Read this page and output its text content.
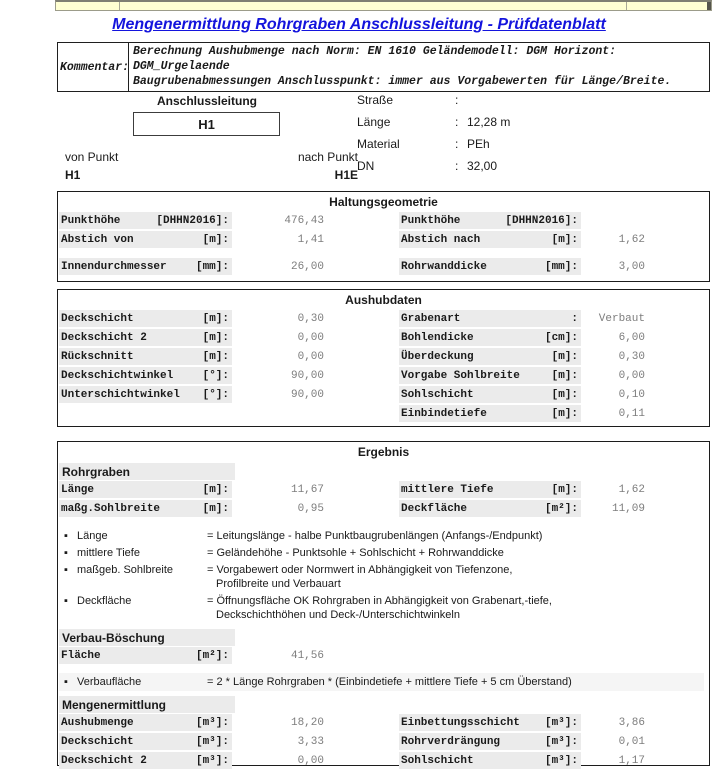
Mengenermittlung Rohrgraben Anschlussleitung - Prüfdatenblatt
Kommentar:
Berechnung Aushubmenge nach Norm: EN 1610 Geländemodell: DGM Horizont:
DGM_Urgelaende
Baugrubenabmessungen Anschlusspunkt: immer aus Vorgabewerten für Länge/Breite.
Anschlussleitung
H1
von Punkt	nach Punkt
H1	H1E
Straße	:
Länge	: 12,28 m
Material	: PEh
DN	: 32,00
Haltungsgeometrie
Punkthöhe	[DHHN2016]:	476,43	Punkthöhe	[DHHN2016]:
Abstich von	[m]:	1,41	Abstich nach	[m]:	1,62
Innendurchmesser	[mm]:	26,00	Rohrwanddicke	[mm]:	3,00
Aushubdaten
Deckschicht	[m]:	0,30	Grabenart	:	Verbaut
Deckschicht 2	[m]:	0,00	Bohlendicke	[cm]:	6,00
Rückschnitt	[m]:	0,00	Überdeckung	[m]:	0,30
Deckschichtwinkel	[°]:	90,00	Vorgabe Sohlbreite	[m]:	0,00
Unterschichtwinkel [°]:	90,00	Sohlschicht	[m]:	0,10
Einbindetiefe	[m]:	0,11
Ergebnis
Rohrgraben
Länge	[m]:	11,67	mittlere Tiefe	[m]:	1,62
maßg.Sohlbreite	[m]:	0,95	Deckfläche	[m²]:	11,09
▪ Länge	= Leitungslänge - halbe Punktbaugrubenlängen (Anfangs-/Endpunkt)
▪ mittlere Tiefe	= Geländehöhe - Punktsohle + Sohlschicht + Rohrwanddicke
▪ maßgeb. Sohlbreite	= Vorgabewert oder Normwert in Abhängigkeit von Tiefenzone,
Profilbreite und Verbauart
▪ Deckfläche	= Öffnungsfläche OK Rohrgraben in Abhängigkeit von Grabenart,-tiefe,
Deckschichthöhen und Deck-/Unterschichtwinkeln
Verbau-Böschung
Fläche	[m²]:	41,56
▪ Verbaufläche	= 2 * Länge Rohrgraben * (Einbindetiefe + mittlere Tiefe + 5 cm Überstand)
Mengenermittlung
Aushubmenge	[m³]:	18,20	Einbettungsschicht [m³]:	3,86
Deckschicht	[m³]:	3,33	Rohrverdrängung	[m³]:	0,01
Deckschicht 2	[m³]:	0,00	Sohlschicht	[m³]:	1,17
